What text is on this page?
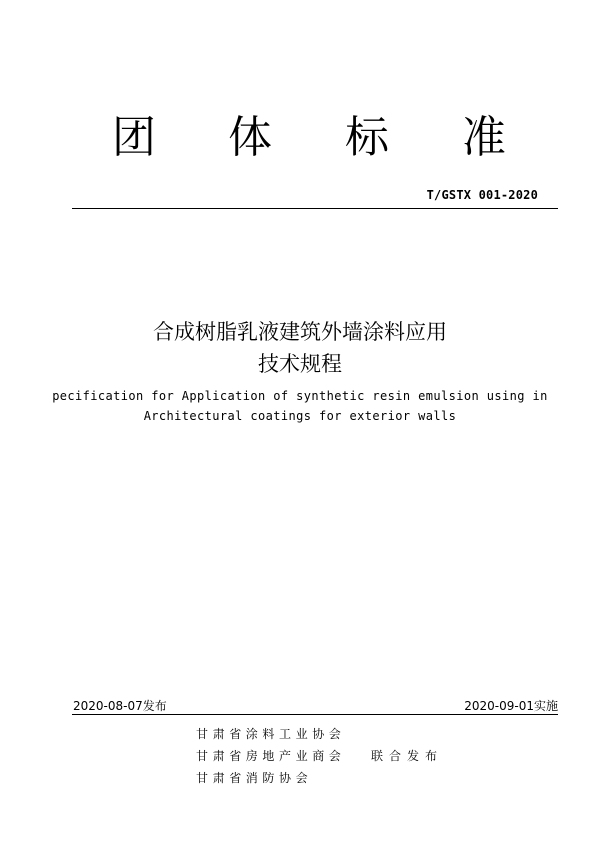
团 体 标 准
T/GSTX 001-2020
合成树脂乳液建筑外墙涂料应用
技术规程
pecification for Application of synthetic resin emulsion using in
Architectural coatings for exterior walls
2020-08-07发布	2020-09-01实施
甘肃省涂料工业协会
甘肃省房地产业商会
甘肃省消防协会
联合发布
